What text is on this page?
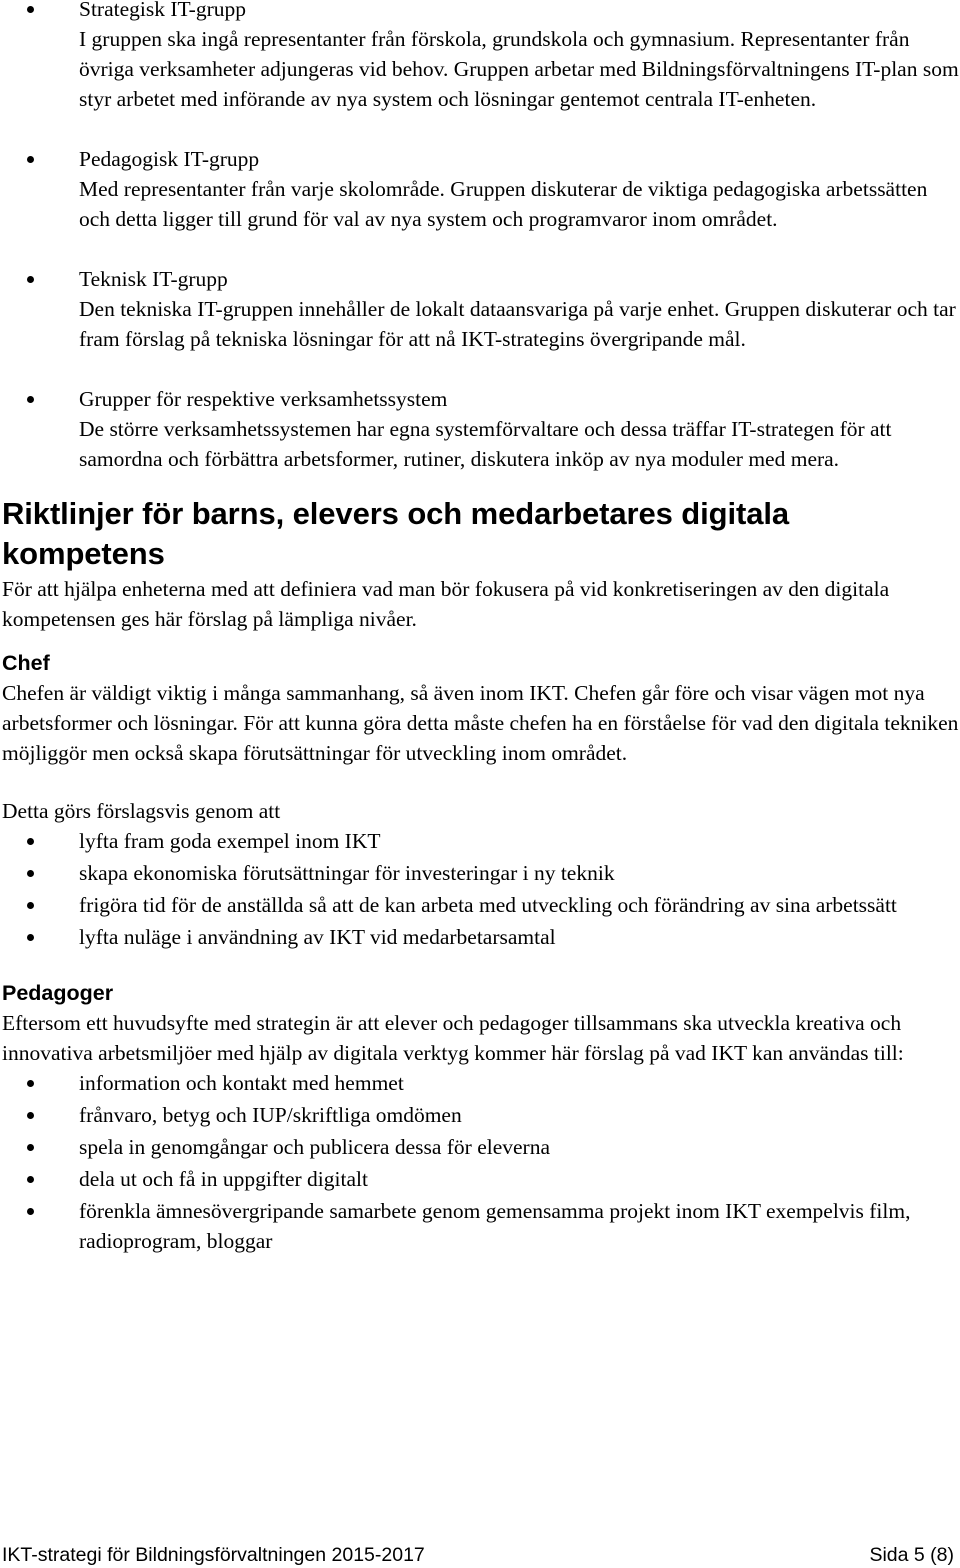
Strategisk IT-grupp
I gruppen ska ingå representanter från förskola, grundskola och gymnasium. Representanter från övriga verksamheter adjungeras vid behov. Gruppen arbetar med Bildningsförvaltningens IT-plan som styr arbetet med införande av nya system och lösningar gentemot centrala IT-enheten.
Pedagogisk IT-grupp
Med representanter från varje skolområde. Gruppen diskuterar de viktiga pedagogiska arbetssätten och detta ligger till grund för val av nya system och programvaror inom området.
Teknisk IT-grupp
Den tekniska IT-gruppen innehåller de lokalt dataansvariga på varje enhet. Gruppen diskuterar och tar fram förslag på tekniska lösningar för att nå IKT-strategins övergripande mål.
Grupper för respektive verksamhetssystem
De större verksamhetssystemen har egna systemförvaltare och dessa träffar IT-strategen för att samordna och förbättra arbetsformer, rutiner, diskutera inköp av nya moduler med mera.
Riktlinjer för barns, elevers och medarbetares digitala kompetens

För att hjälpa enheterna med att definiera vad man bör fokusera på vid konkretiseringen av den digitala kompetensen ges här förslag på lämpliga nivåer.

Chef

Chefen är väldigt viktig i många sammanhang, så även inom IKT. Chefen går före och visar vägen mot nya arbetsformer och lösningar. För att kunna göra detta måste chefen ha en förståelse för vad den digitala tekniken möjliggör men också skapa förutsättningar för utveckling inom området.

Detta görs förslagsvis genom att

lyfta fram goda exempel inom IKT
skapa ekonomiska förutsättningar för investeringar i ny teknik
frigöra tid för de anställda så att de kan arbeta med utveckling och förändring av sina arbetssätt
lyfta nuläge i användning av IKT vid medarbetarsamtal
Pedagoger

Eftersom ett huvudsyfte med strategin är att elever och pedagoger tillsammans ska utveckla kreativa och innovativa arbetsmiljöer med hjälp av digitala verktyg kommer här förslag på vad IKT kan användas till:

information och kontakt med hemmet
frånvaro, betyg och IUP/skriftliga omdömen
spela in genomgångar och publicera dessa för eleverna
dela ut och få in uppgifter digitalt
förenkla ämnesövergripande samarbete genom gemensamma projekt inom IKT exempelvis film, radioprogram, bloggar
IKT-strategi för Bildningsförvaltningen 2015-2017	Sida 5 (8)
